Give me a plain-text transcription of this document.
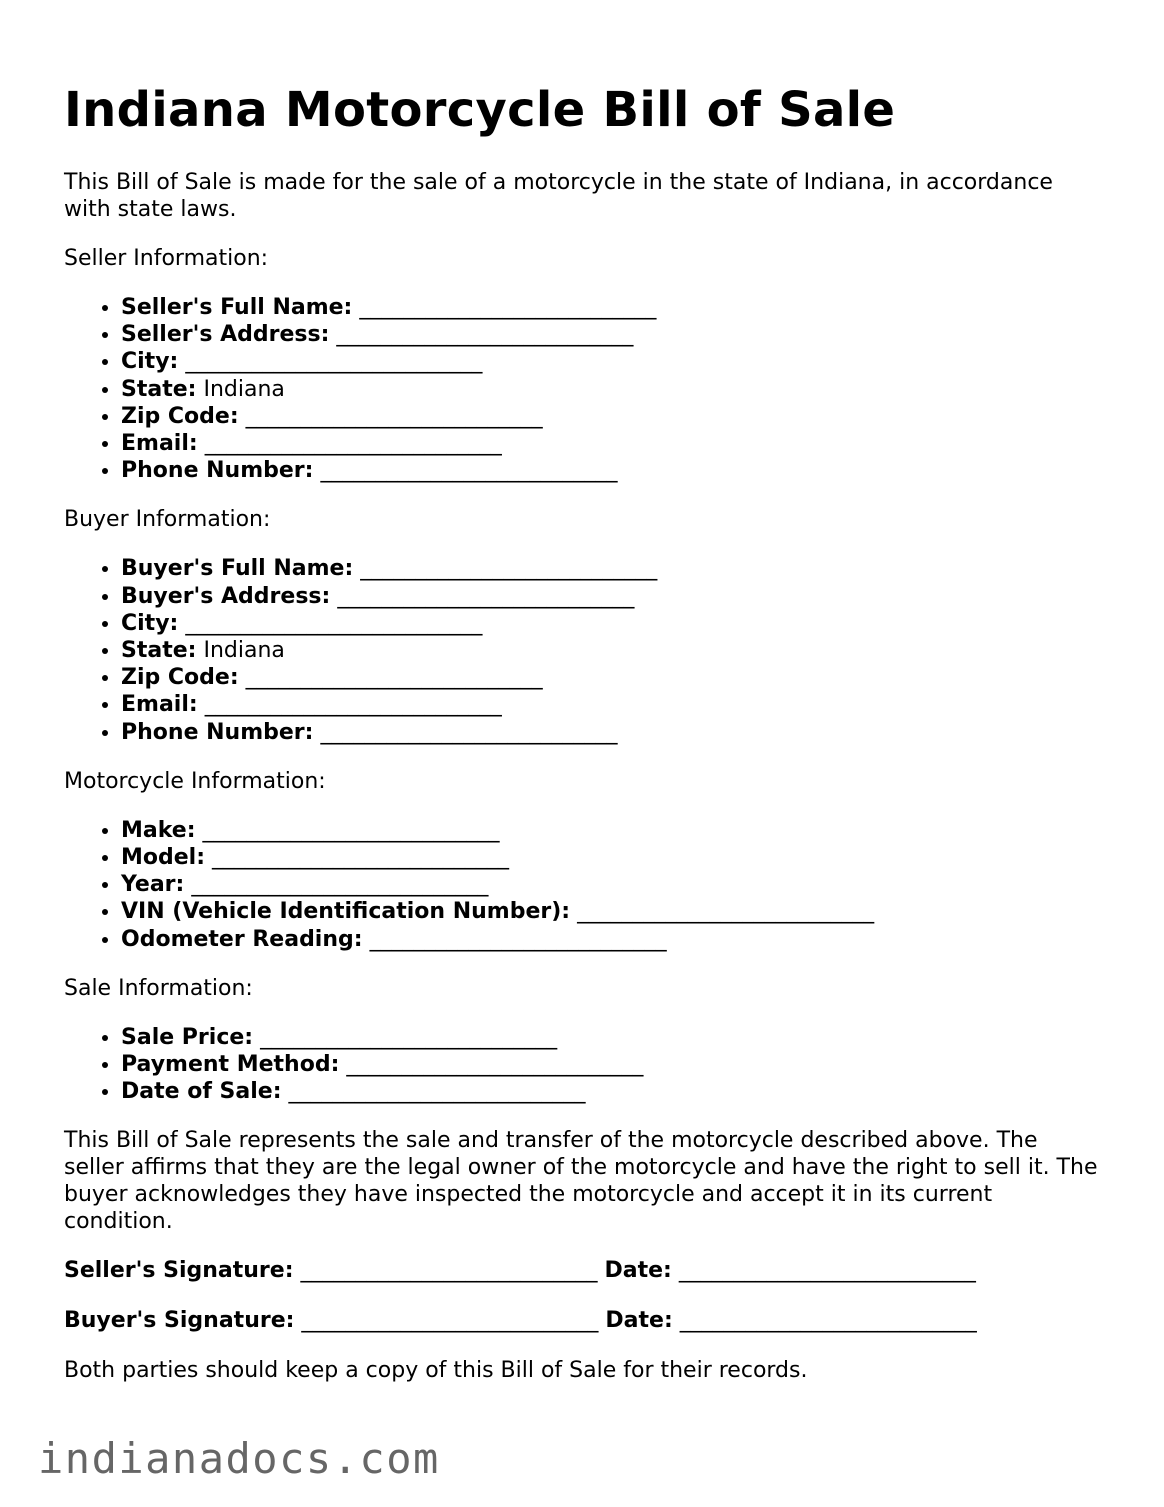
Indiana Motorcycle Bill of Sale

This Bill of Sale is made for the sale of a motorcycle in the state of Indiana, in accordance with state laws.

Seller Information:

• Seller's Full Name: ___________________________
• Seller's Address: ___________________________
• City: ___________________________
• State: Indiana
• Zip Code: ___________________________
• Email: ___________________________
• Phone Number: ___________________________

Buyer Information:

• Buyer's Full Name: ___________________________
• Buyer's Address: ___________________________
• City: ___________________________
• State: Indiana
• Zip Code: ___________________________
• Email: ___________________________
• Phone Number: ___________________________

Motorcycle Information:

• Make: ___________________________
• Model: ___________________________
• Year: ___________________________
• VIN (Vehicle Identification Number): ___________________________
• Odometer Reading: ___________________________

Sale Information:

• Sale Price: ___________________________
• Payment Method: ___________________________
• Date of Sale: ___________________________

This Bill of Sale represents the sale and transfer of the motorcycle described above. The seller affirms that they are the legal owner of the motorcycle and have the right to sell it. The buyer acknowledges they have inspected the motorcycle and accept it in its current condition.

Seller's Signature: ___________________________ Date: ___________________________
Buyer's Signature: ___________________________ Date: ___________________________

Both parties should keep a copy of this Bill of Sale for their records.

indianadocs.com
